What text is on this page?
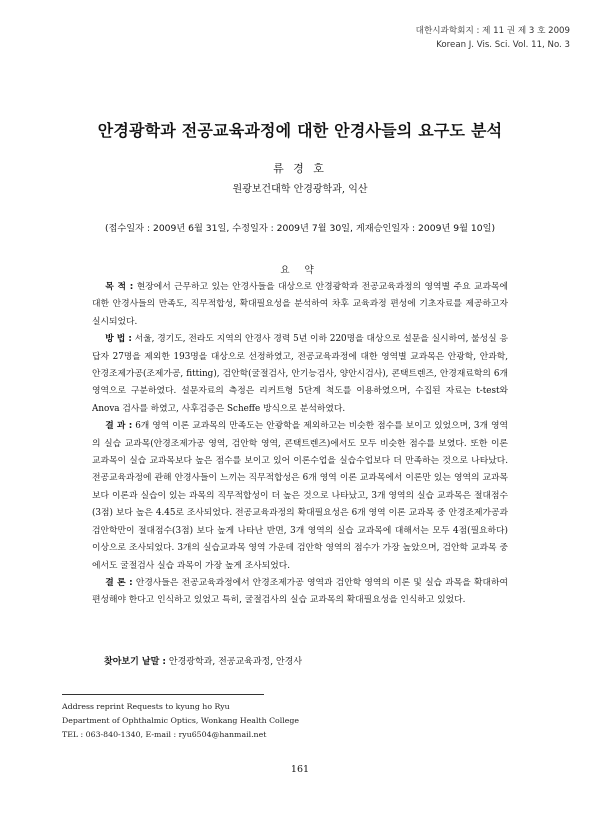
대한시과학회지 : 제 11 권 제 3 호 2009
Korean J. Vis. Sci. Vol. 11, No. 3
안경광학과 전공교육과정에 대한 안경사들의 요구도 분석
류 경 호
원광보건대학 안경광학과, 익산
(접수일자 : 2009년 6월 31일, 수정일자 : 2009년 7월 30일, 게재승인일자 : 2009년 9월 10일)
요 약

목 적 : 현장에서 근무하고 있는 안경사들을 대상으로 안경광학과 전공교육과정의 영역별 주요 교과목에 대한 안경사들의 만족도, 직무적합성, 확대필요성을 분석하여 차후 교육과정 편성에 기초자료를 제공하고자 실시되었다.

방 법 : 서울, 경기도, 전라도 지역의 안경사 경력 5년 이하 220명을 대상으로 설문을 실시하여, 불성실 응답자 27명을 제외한 193명을 대상으로 선정하였고, 전공교육과정에 대한 영역별 교과목은 안광학, 안과학, 안경조제가공(조제가공, fitting), 검안학(굴절검사, 안기능검사, 양안시검사), 콘택트렌즈, 안경재료학의 6개 영역으로 구분하였다. 설문자료의 측정은 리커트형 5단계 척도를 이용하였으며, 수집된 자료는 t-test와 Anova 검사를 하였고, 사후검증은 Scheffe 방식으로 분석하였다.

결 과 : 6개 영역 이론 교과목의 만족도는 안광학을 제외하고는 비슷한 점수를 보이고 있었으며, 3개 영역의 실습 교과목(안경조제가공 영역, 검안학 영역, 콘택트렌즈)에서도 모두 비슷한 점수를 보였다. 또한 이론 교과목이 실습 교과목보다 높은 점수를 보이고 있어 이론수업을 실습수업보다 더 만족하는 것으로 나타났다. 전공교육과정에 관해 안경사들이 느끼는 직무적합성은 6개 영역 이론 교과목에서 이론만 있는 영역의 교과목보다 이론과 실습이 있는 과목의 직무적합성이 더 높은 것으로 나타났고, 3개 영역의 실습 교과목은 절대점수(3점) 보다 높은 4.45로 조사되었다. 전공교육과정의 확대필요성은 6개 영역 이론 교과목 중 안경조제가공과 검안학만이 절대점수(3점) 보다 높게 나타난 반면, 3개 영역의 실습 교과목에 대해서는 모두 4점(필요하다) 이상으로 조사되었다. 3개의 실습교과목 영역 가운데 검안학 영역의 점수가 가장 높았으며, 검안학 교과목 중에서도 굴절검사 실습 과목이 가장 높게 조사되었다.

결 론 : 안경사들은 전공교육과정에서 안경조제가공 영역과 검안학 영역의 이론 및 실습 과목을 확대하여 편성해야 한다고 인식하고 있었고 특히, 굴절검사의 실습 교과목의 확대필요성을 인식하고 있었다.

찾아보기 낱말 : 안경광학과, 전공교육과정, 안경사
Address reprint Requests to kyung ho Ryu
Department of Ophthalmic Optics, Wonkang Health College
TEL : 063-840-1340, E-mail : ryu6504@hanmail.net
161
